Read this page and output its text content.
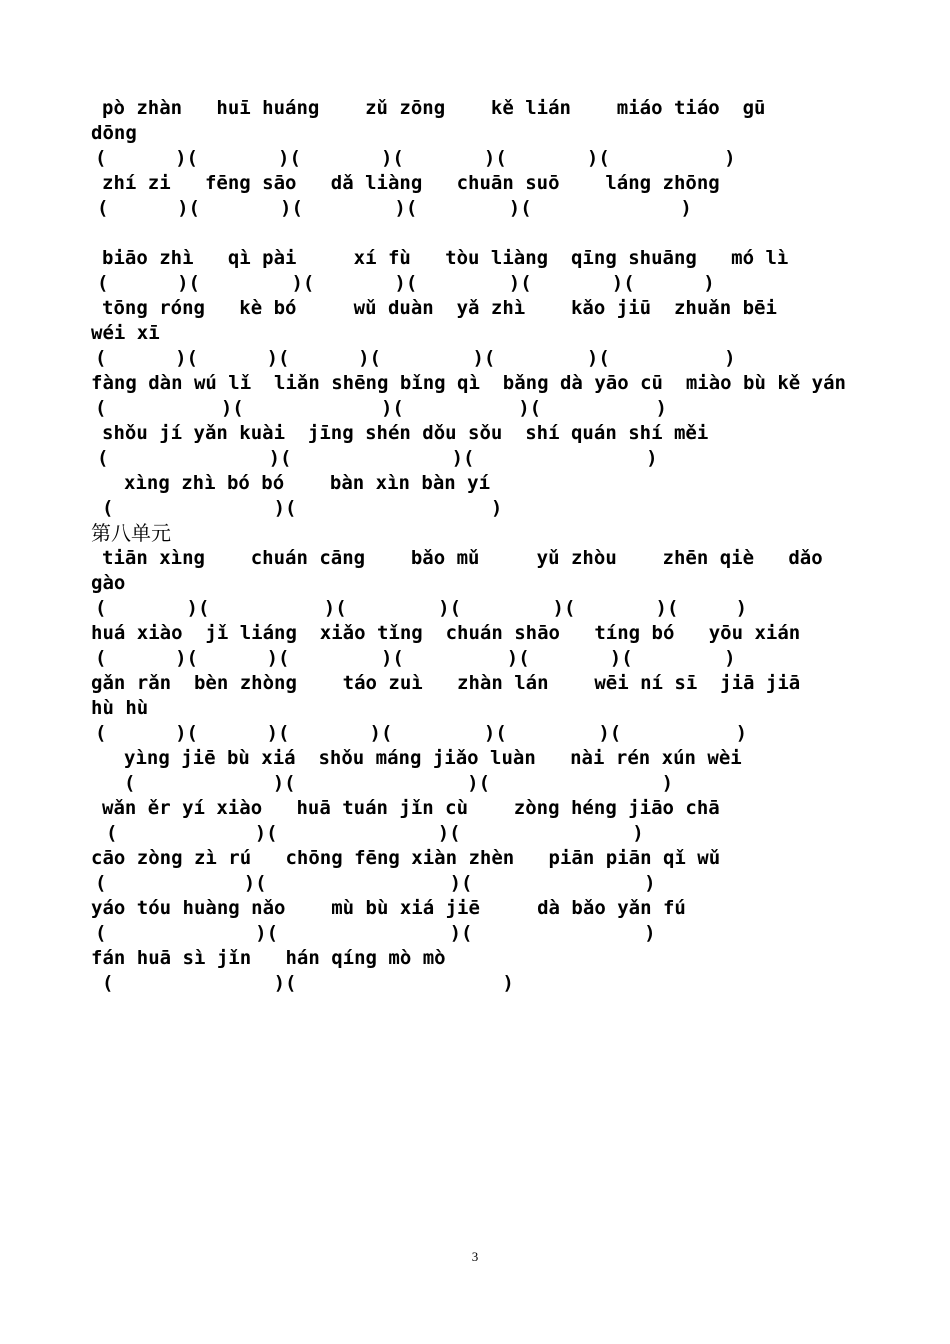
pò zhàn   huī huáng    zǔ zōng    kě lián    miáo tiáo  gū
dōng
(      )(       )(       )(       )(       )(          )
zhí zi   fēng sāo   dǎ liàng   chuān suō    láng zhōng
(      )(       )(        )(        )(             )
biāo zhì   qì pài     xí fù   tòu liàng  qīng shuāng   mó lì
(      )(        )(       )(        )(       )(      )
tōng róng   kè bó     wǔ duàn  yǎ zhì    kǎo jiū  zhuǎn bēi
wéi xī
(      )(      )(      )(        )(        )(          )
fàng dàn wú lǐ  liǎn shēng bǐng qì  bǎng dà yāo cū  miào bù kě yán
(          )(            )(          )(          )
shǒu jí yǎn kuài  jīng shén dǒu sǒu  shí quán shí měi
(              )(              )(               )
xìng zhì bó bó    bàn xìn bàn yí
(              )(                 )
第八单元
tiān xìng    chuán cāng    bǎo mǔ     yǔ zhòu    zhēn qiè   dǎo
gào
(       )(          )(        )(        )(       )(     )
huá xiào  jǐ liáng  xiǎo tǐng  chuán shāo   tíng bó   yōu xián
(      )(      )(        )(         )(       )(        )
gǎn rǎn  bèn zhòng    táo zuì   zhàn lán    wēi ní sī  jiā jiā
hù hù
(      )(      )(       )(        )(        )(          )
yìng jiē bù xiá  shǒu máng jiǎo luàn   nài rén xún wèi
(            )(               )(               )
wǎn ěr yí xiào   huā tuán jǐn cù    zòng héng jiāo chā
(            )(              )(               )
cāo zòng zì rú   chōng fēng xiàn zhèn   piān piān qǐ wǔ
(            )(                )(               )
yáo tóu huàng nǎo    mù bù xiá jiē     dà bǎo yǎn fú
(             )(               )(               )
fán huā sì jǐn   hán qíng mò mò
(              )(                  )
3
